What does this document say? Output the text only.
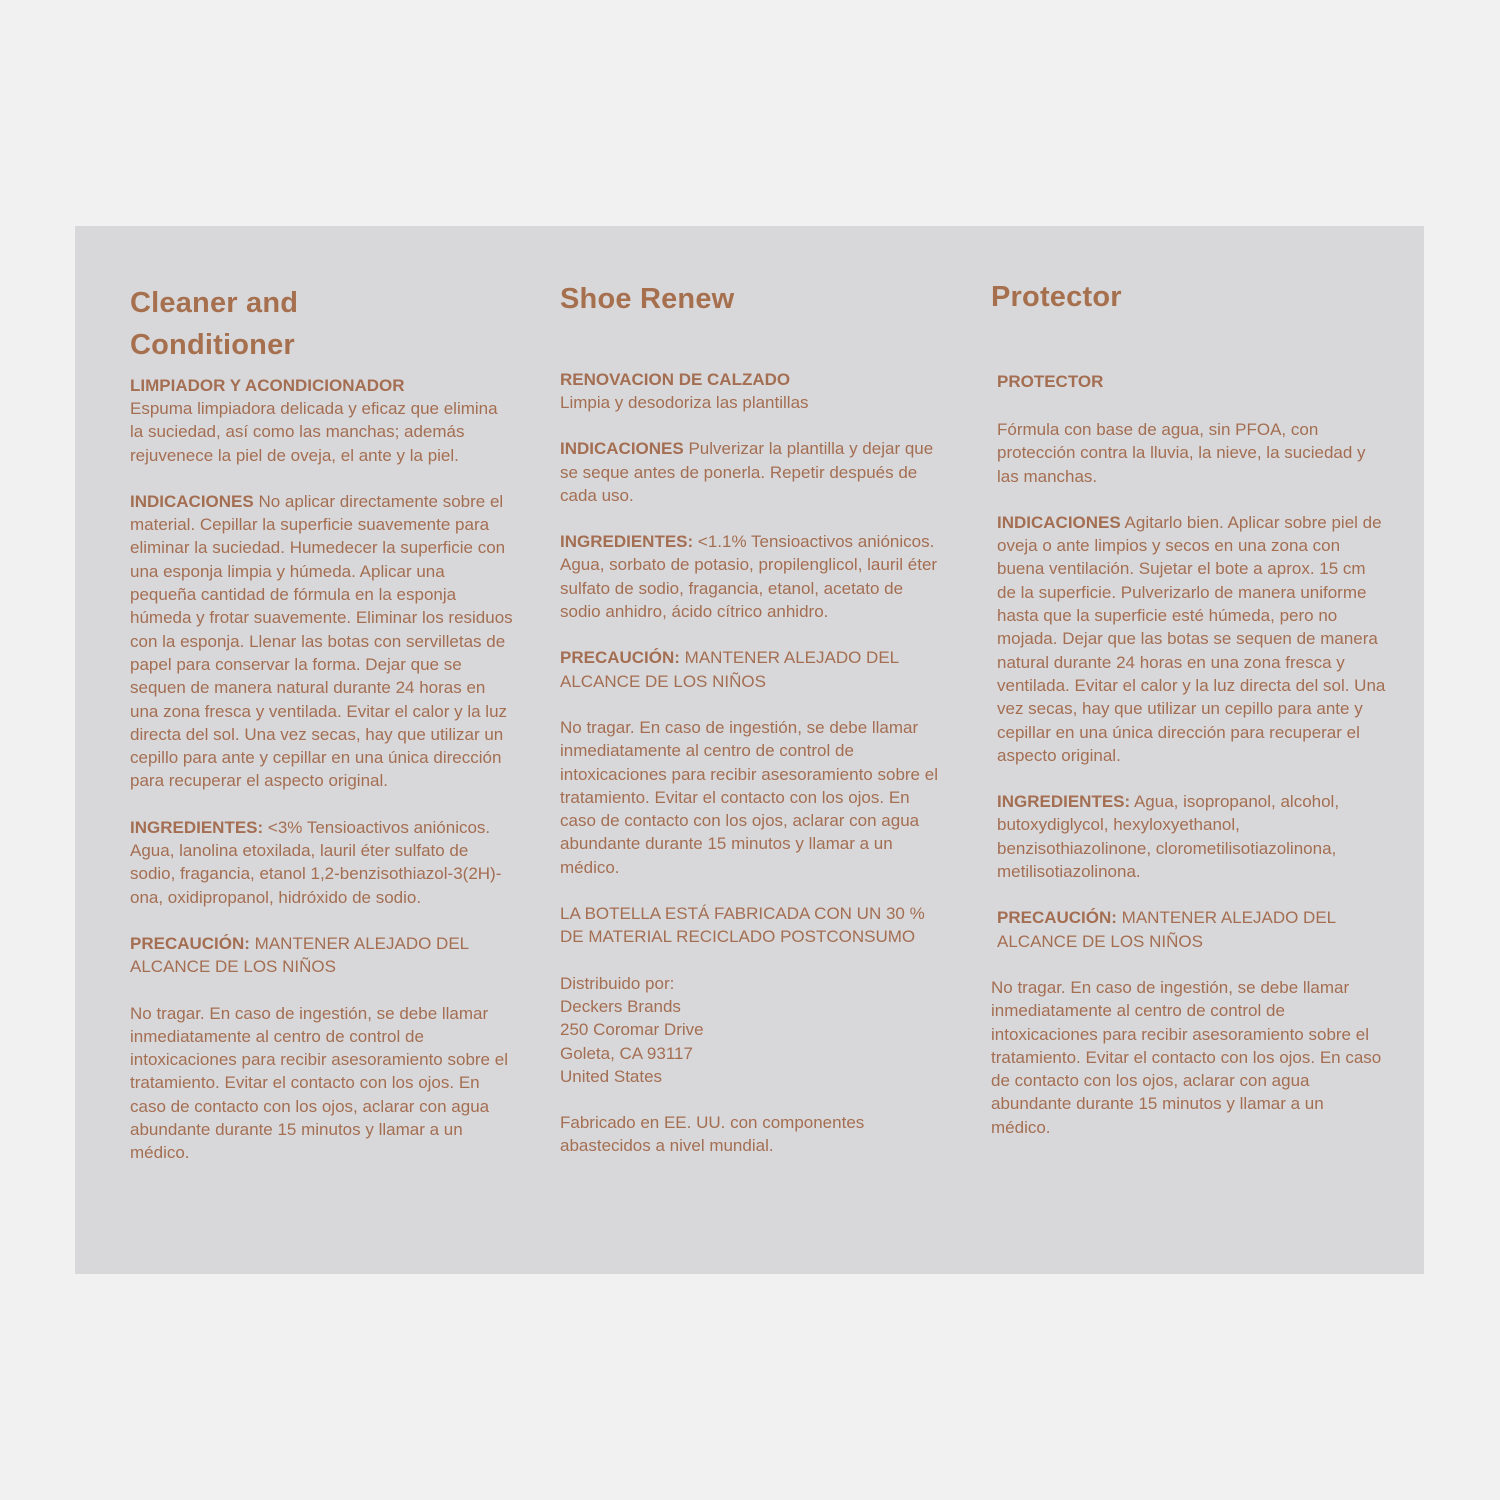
Cleaner and
Conditioner

LIMPIADOR Y ACONDICIONADOR

Espuma limpiadora delicada y eficaz que elimina la suciedad, así como las manchas; además rejuvenece la piel de oveja, el ante y la piel.

INDICACIONES No aplicar directamente sobre el material. Cepillar la superficie suavemente para eliminar la suciedad. Humedecer la superficie con una esponja limpia y húmeda. Aplicar una pequeña cantidad de fórmula en la esponja húmeda y frotar suavemente. Eliminar los residuos con la esponja. Llenar las botas con servilletas de papel para conservar la forma. Dejar que se sequen de manera natural durante 24 horas en una zona fresca y ventilada. Evitar el calor y la luz directa del sol. Una vez secas, hay que utilizar un cepillo para ante y cepillar en una única dirección para recuperar el aspecto original.

INGREDIENTES: <3% Tensioactivos aniónicos. Agua, lanolina etoxilada, lauril éter sulfato de sodio, fragancia, etanol 1,2-benzisothiazol-3(2H)-ona, oxidipropanol, hidróxido de sodio.

PRECAUCIÓN: MANTENER ALEJADO DEL ALCANCE DE LOS NIÑOS

No tragar. En caso de ingestión, se debe llamar inmediatamente al centro de control de intoxicaciones para recibir asesoramiento sobre el tratamiento. Evitar el contacto con los ojos. En caso de contacto con los ojos, aclarar con agua abundante durante 15 minutos y llamar a un médico.

Shoe Renew

RENOVACION DE CALZADO

Limpia y desodoriza las plantillas

INDICACIONES Pulverizar la plantilla y dejar que se seque antes de ponerla. Repetir después de cada uso.

INGREDIENTES: <1.1% Tensioactivos aniónicos. Agua, sorbato de potasio, propilenglicol, lauril éter sulfato de sodio, fragancia, etanol, acetato de sodio anhidro, ácido cítrico anhidro.

PRECAUCIÓN: MANTENER ALEJADO DEL ALCANCE DE LOS NIÑOS

No tragar. En caso de ingestión, se debe llamar inmediatamente al centro de control de intoxicaciones para recibir asesoramiento sobre el tratamiento. Evitar el contacto con los ojos. En caso de contacto con los ojos, aclarar con agua abundante durante 15 minutos y llamar a un médico.

LA BOTELLA ESTÁ FABRICADA CON UN 30 % DE MATERIAL RECICLADO POSTCONSUMO

Distribuido por:
Deckers Brands
250 Coromar Drive
Goleta, CA 93117
United States

Fabricado en EE. UU. con componentes abastecidos a nivel mundial.

Protector

PROTECTOR

Fórmula con base de agua, sin PFOA, con protección contra la lluvia, la nieve, la suciedad y las manchas.

INDICACIONES Agitarlo bien. Aplicar sobre piel de oveja o ante limpios y secos en una zona con buena ventilación. Sujetar el bote a aprox. 15 cm de la superficie. Pulverizarlo de manera uniforme hasta que la superficie esté húmeda, pero no mojada. Dejar que las botas se sequen de manera natural durante 24 horas en una zona fresca y ventilada. Evitar el calor y la luz directa del sol. Una vez secas, hay que utilizar un cepillo para ante y cepillar en una única dirección para recuperar el aspecto original.

INGREDIENTES: Agua, isopropanol, alcohol, butoxydiglycol, hexyloxyethanol, benzisothiazolinone, clorometilisotiazolinona, metilisotiazolinona.

PRECAUCIÓN: MANTENER ALEJADO DEL ALCANCE DE LOS NIÑOS

No tragar. En caso de ingestión, se debe llamar inmediatamente al centro de control de intoxicaciones para recibir asesoramiento sobre el tratamiento. Evitar el contacto con los ojos. En caso de contacto con los ojos, aclarar con agua abundante durante 15 minutos y llamar a un médico.
